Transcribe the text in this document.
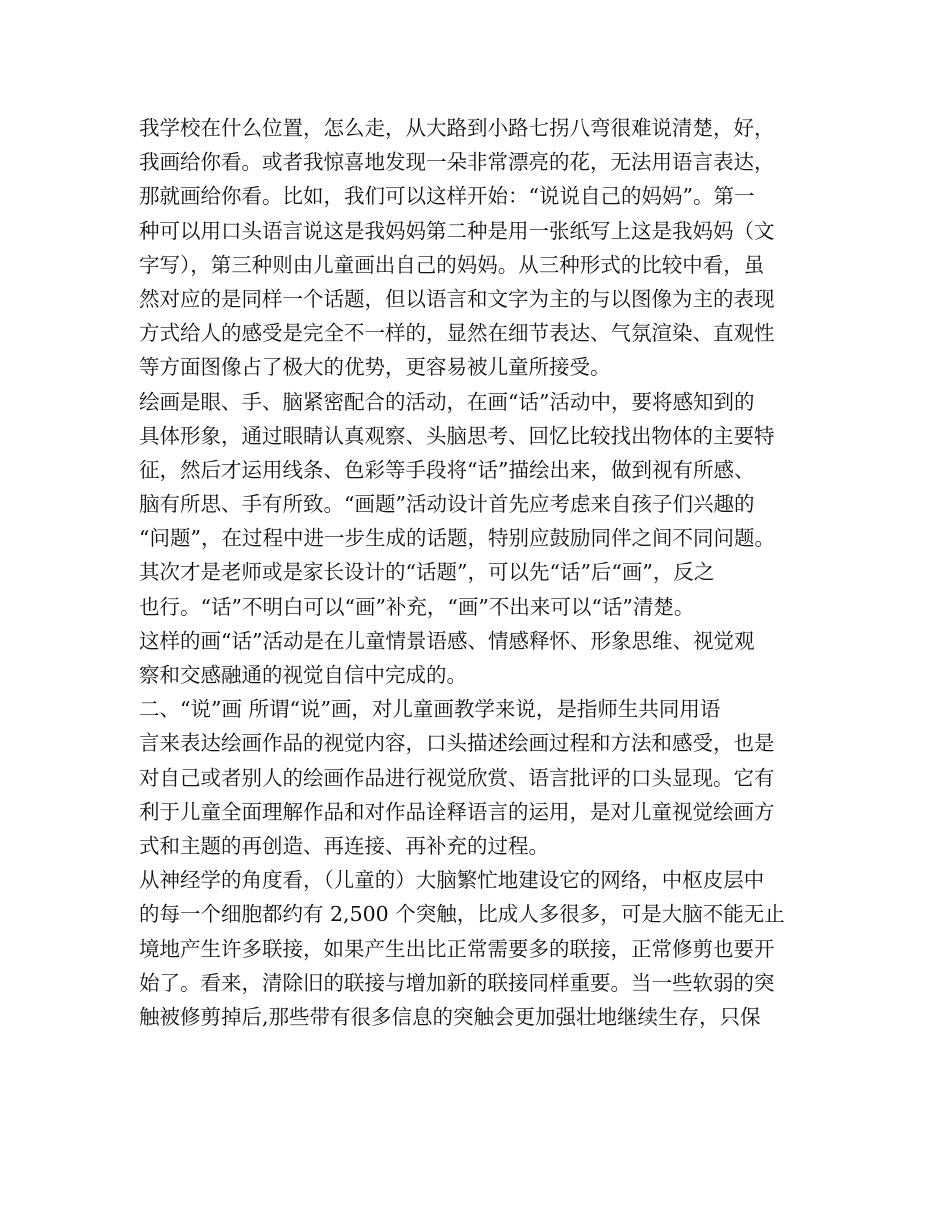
我学校在什么位置，怎么走，从大路到小路七拐八弯很难说清楚，好，
我画给你看。或者我惊喜地发现一朵非常漂亮的花，无法用语言表达，
那就画给你看。比如，我们可以这样开始：“说说自己的妈妈”。第一
种可以用口头语言说这是我妈妈第二种是用一张纸写上这是我妈妈（文
字写），第三种则由儿童画出自己的妈妈。从三种形式的比较中看，虽
然对应的是同样一个话题，但以语言和文字为主的与以图像为主的表现
方式给人的感受是完全不一样的，显然在细节表达、气氛渲染、直观性
等方面图像占了极大的优势，更容易被儿童所接受。
绘画是眼、手、脑紧密配合的活动，在画“话”活动中，要将感知到的
具体形象，通过眼睛认真观察、头脑思考、回忆比较找出物体的主要特
征，然后才运用线条、色彩等手段将“话”描绘出来，做到视有所感、
脑有所思、手有所致。“画题”活动设计首先应考虑来自孩子们兴趣的
“问题”，在过程中进一步生成的话题，特别应鼓励同伴之间不同问题。
其次才是老师或是家长设计的“话题”，可以先“话”后“画”，反之
也行。“话”不明白可以“画”补充，“画”不出来可以“话”清楚。
这样的画“话”活动是在儿童情景语感、情感释怀、形象思维、视觉观
察和交感融通的视觉自信中完成的。
二、“说”画 所谓“说”画，对儿童画教学来说，是指师生共同用语
言来表达绘画作品的视觉内容，口头描述绘画过程和方法和感受，也是
对自己或者别人的绘画作品进行视觉欣赏、语言批评的口头显现。它有
利于儿童全面理解作品和对作品诠释语言的运用，是对儿童视觉绘画方
式和主题的再创造、再连接、再补充的过程。
从神经学的角度看，（儿童的）大脑繁忙地建设它的网络，中枢皮层中
的每一个细胞都约有 2,500 个突触，比成人多很多，可是大脑不能无止
境地产生许多联接，如果产生出比正常需要多的联接，正常修剪也要开
始了。看来，清除旧的联接与增加新的联接同样重要。当一些软弱的突
触被修剪掉后,那些带有很多信息的突触会更加强壮地继续生存，只保
